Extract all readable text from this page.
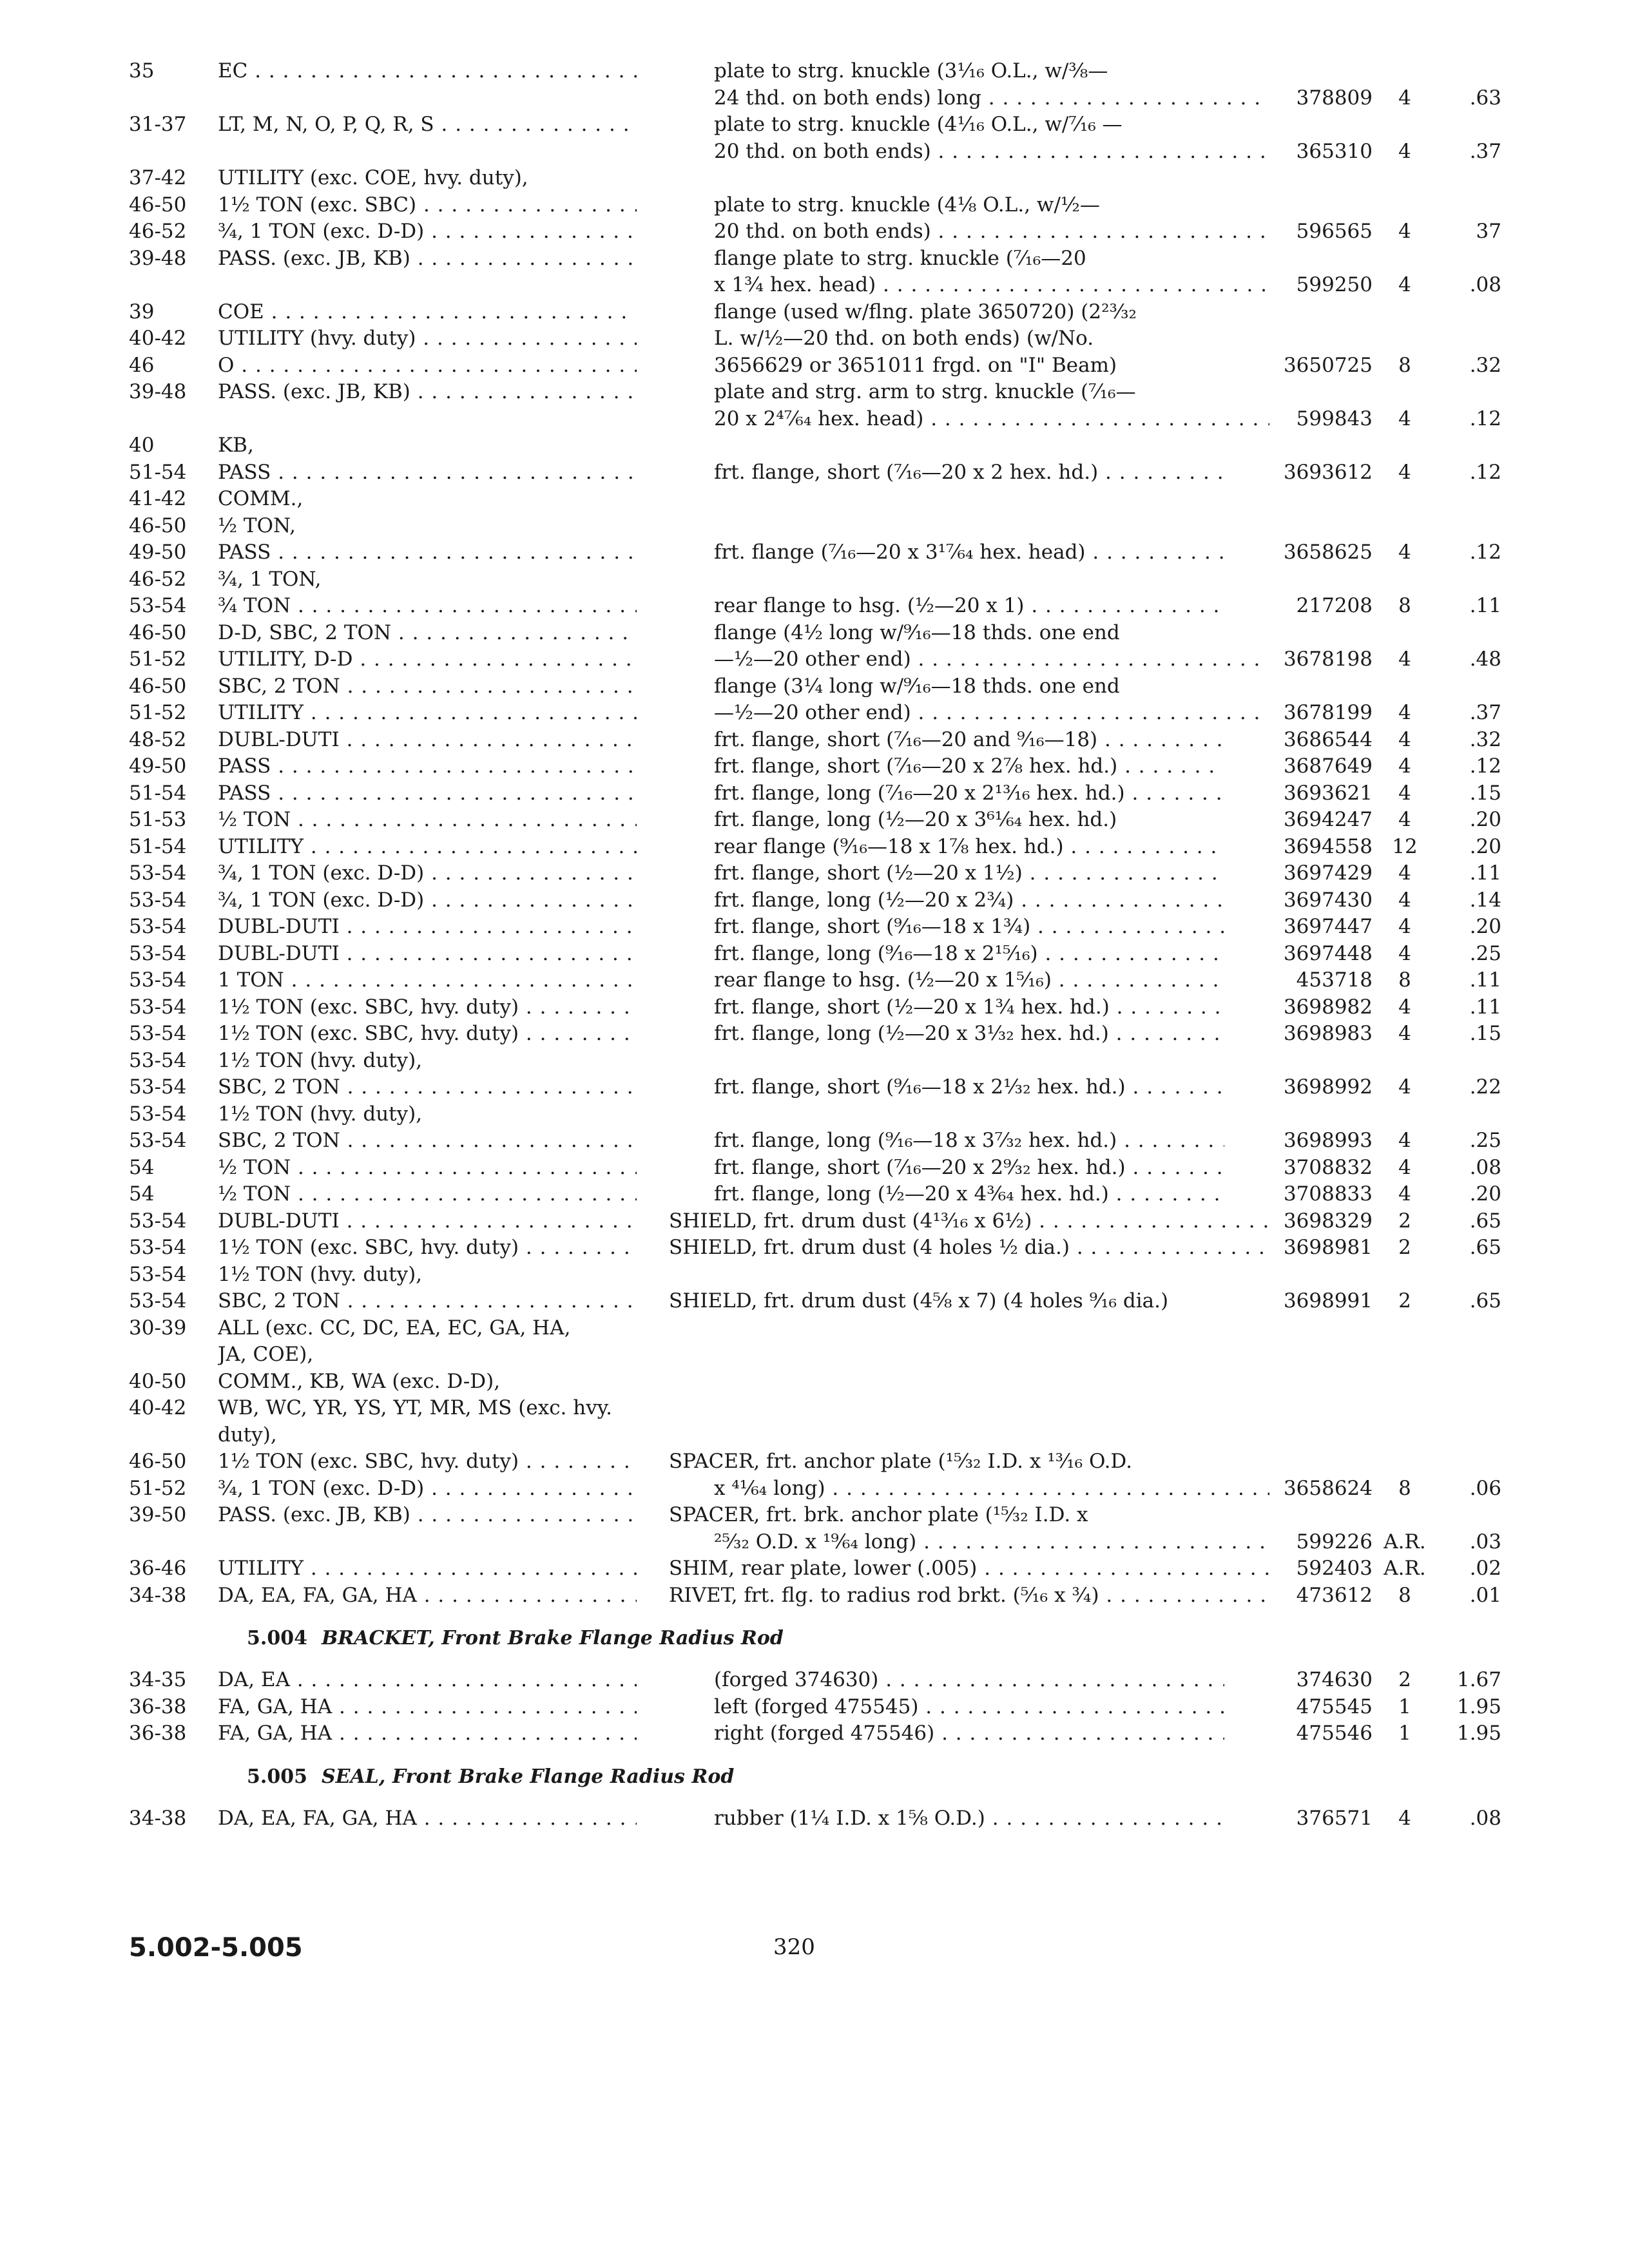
35	EC . . .	plate to strg. knuckle (3⅟₁₆ O.L., w/⅜—
24 thd. on both ends) long . . .	378809	4	.63
31-37	LT, M, N, O, P, Q, R, S . . .	plate to strg. knuckle (4⅟₁₆ O.L., w/⁷⁄₁₆ —
20 thd. on both ends) . . .	365310	4	.37
37-42	UTILITY (exc. COE, hvy. duty),
46-50	1½ TON (exc. SBC) . . .	plate to strg. knuckle (4⅛ O.L., w/½—
46-52	¾, 1 TON (exc. D-D) . . .	20 thd. on both ends) . . .	596565	4	37
39-48	PASS. (exc. JB, KB) . . .	flange plate to strg. knuckle (⁷⁄₁₆—20
x 1¾ hex. head) . . .	599250	4	.08
39	COE . . .	flange (used w/flng. plate 3650720) (2²³⁄₃₂
40-42	UTILITY (hvy. duty) . . .	L. w/½—20 thd. on both ends) (w/No.
46	O . . .	3656629 or 3651011 frgd. on "I" Beam)	3650725	8	.32
39-48	PASS. (exc. JB, KB) . . .	plate and strg. arm to strg. knuckle (⁷⁄₁₆—
20 x 2⁴⁷⁄₆₄ hex. head) . . .	599843	4	.12
40	KB,
51-54	PASS . . .	frt. flange, short (⁷⁄₁₆—20 x 2 hex. hd.) . . .	3693612	4	.12
41-42	COMM.,
46-50	½ TON,
49-50	PASS . . .	frt. flange (⁷⁄₁₆—20 x 3¹⁷⁄₆₄ hex. head) . . .	3658625	4	.12
46-52	¾, 1 TON,
53-54	¾ TON . . .	rear flange to hsg. (½—20 x 1) . . .	217208	8	.11
46-50	D-D, SBC, 2 TON . . .	flange (4½ long w/⁹⁄₁₆—18 thds. one end
51-52	UTILITY, D-D . . .	—½—20 other end) . . .	3678198	4	.48
46-50	SBC, 2 TON . . .	flange (3¼ long w/⁹⁄₁₆—18 thds. one end
51-52	UTILITY . . .	—½—20 other end) . . .	3678199	4	.37
48-52	DUBL-DUTI . . .	frt. flange, short (⁷⁄₁₆—20 and ⁹⁄₁₆—18) . . .	3686544	4	.32
49-50	PASS . . .	frt. flange, short (⁷⁄₁₆—20 x 2⅞ hex. hd.) . . .	3687649	4	.12
51-54	PASS . . .	frt. flange, long (⁷⁄₁₆—20 x 2¹³⁄₁₆ hex. hd.) . . .	3693621	4	.15
51-53	½ TON . . .	frt. flange, long (½—20 x 3⁶¹⁄₆₄ hex. hd.)	3694247	4	.20
51-54	UTILITY . . .	rear flange (⁹⁄₁₆—18 x 1⅞ hex. hd.) . . .	3694558 12	.20
53-54	¾, 1 TON (exc. D-D) . . .	frt. flange, short (½—20 x 1½) . . .	3697429	4	.11
53-54	¾, 1 TON (exc. D-D) . . .	frt. flange, long (½—20 x 2¾) . . .	3697430	4	.14
53-54	DUBL-DUTI . . .	frt. flange, short (⁹⁄₁₆—18 x 1¾) . . .	3697447	4	.20
53-54	DUBL-DUTI . . .	frt. flange, long (⁹⁄₁₆—18 x 2¹⁵⁄₁₆) . . .	3697448	4	.25
53-54	1 TON . . .	rear flange to hsg. (½—20 x 1⁵⁄₁₆) . . .	453718	8	.11
53-54	1½ TON (exc. SBC, hvy. duty) . . .	frt. flange, short (½—20 x 1¾ hex. hd.) . . .	3698982	4	.11
53-54	1½ TON (exc. SBC, hvy. duty) . . .	frt. flange, long (½—20 x 3¹⁄₃₂ hex. hd.) . . .	3698983	4	.15
53-54	1½ TON (hvy. duty),
53-54	SBC, 2 TON . . .	frt. flange, short (⁹⁄₁₆—18 x 2¹⁄₃₂ hex. hd.) . . .	3698992	4	.22
53-54	1½ TON (hvy. duty),
53-54	SBC, 2 TON . . .	frt. flange, long (⁹⁄₁₆—18 x 3⁷⁄₃₂ hex. hd.) . . .	3698993	4	.25
54	½ TON . . .	frt. flange, short (⁷⁄₁₆—20 x 2⁹⁄₃₂ hex. hd.) . . .	3708832	4	.08
54	½ TON . . .	frt. flange, long (½—20 x 4³⁄₆₄ hex. hd.) . . .	3708833	4	.20
53-54	DUBL-DUTI . . .	SHIELD, frt. drum dust (4¹³⁄₁₆ x 6½) . . .	3698329	2	.65
53-54	1½ TON (exc. SBC, hvy. duty) . . .	SHIELD, frt. drum dust (4 holes ½ dia.) . . .	3698981	2	.65
53-54	1½ TON (hvy. duty),
53-54	SBC, 2 TON . . .	SHIELD, frt. drum dust (4⅝ x 7) (4 holes ⁹⁄₁₆ dia.)	3698991	2	.65
30-39	ALL (exc. CC, DC, EA, EC, GA, HA,
JA, COE),
40-50	COMM., KB, WA (exc. D-D),
40-42	WB, WC, YR, YS, YT, MR, MS (exc. hvy.
duty),
46-50	1½ TON (exc. SBC, hvy. duty) . . .	SPACER, frt. anchor plate (¹⁵⁄₃₂ I.D. x ¹³⁄₁₆ O.D.
51-52	¾, 1 TON (exc. D-D) . . .	x ⁴¹⁄₆₄ long) . . .	3658624	8	.06
39-50	PASS. (exc. JB, KB) . . .	SPACER, frt. brk. anchor plate (¹⁵⁄₃₂ I.D. x
²⁵⁄₃₂ O.D. x ¹⁹⁄₆₄ long) . . .	599226 A.R.	.03
36-46	UTILITY . . .	SHIM, rear plate, lower (.005) . . .	592403 A.R.	.02
34-38	DA, EA, FA, GA, HA . . .	RIVET, frt. flg. to radius rod brkt. (⁵⁄₁₆ x ¾) . . .	473612	8	.01
5.004 BRACKET, Front Brake Flange Radius Rod
34-35	DA, EA . . .	(forged 374630) . . .	374630	2	1.67
36-38	FA, GA, HA . . .	left (forged 475545) . . .	475545	1	1.95
36-38	FA, GA, HA . . .	right (forged 475546) . . .	475546	1	1.95
5.005 SEAL, Front Brake Flange Radius Rod
34-38	DA, EA, FA, GA, HA . . .	rubber (1¼ I.D. x 1⅝ O.D.) . . .	376571	4	.08
5.002-5.005	320
